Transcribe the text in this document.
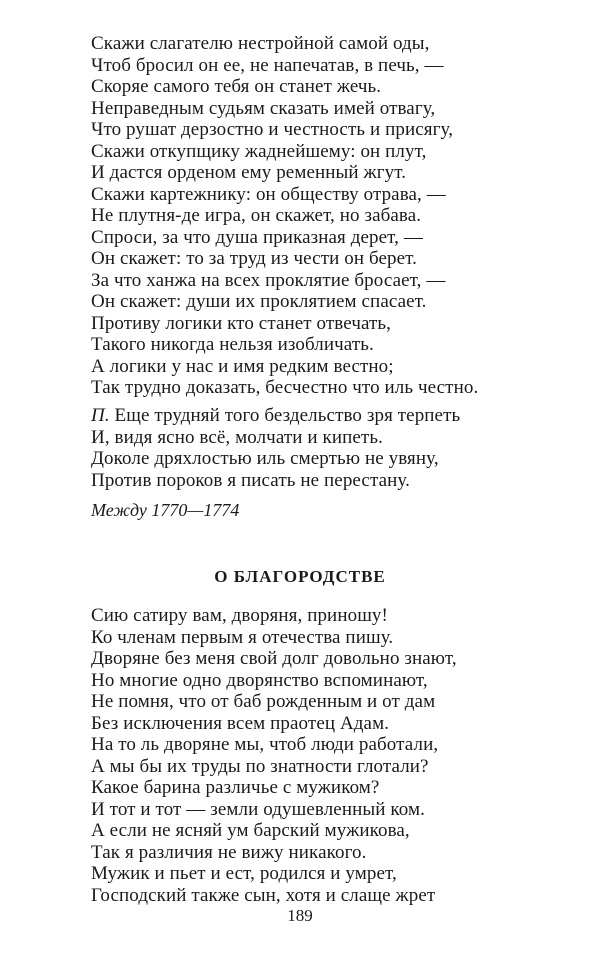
Скажи слагателю нестройной самой оды,
Чтоб бросил он ее, не напечатав, в печь, —
Скоряе самого тебя он станет жечь.
Неправедным судьям сказать имей отвагу,
Что рушат дерзостно и честность и присягу,
Скажи откупщику жаднейшему: он плут,
И дастся орденом ему ременный жгут.
Скажи картежнику: он обществу отрава, —
Не плутня-де игра, он скажет, но забава.
Спроси, за что душа приказная дерет, —
Он скажет: то за труд из чести он берет.
За что ханжа на всех проклятие бросает, —
Он скажет: души их проклятием спасает.
Противу логики кто станет отвечать,
Такого никогда нельзя изобличать.
А логики у нас и имя редким вестно;
Так трудно доказать, бесчестно что иль честно.
П. Еще трудняй того бездельство зря терпеть
И, видя ясно всё, молчати и кипеть.
Доколе дряхлостью иль смертью не увяну,
Против пороков я писать не перестану.
Между 1770—1774
О БЛАГОРОДСТВЕ
Сию сатиру вам, дворяня, приношу!
Ко членам первым я отечества пишу.
Дворяне без меня свой долг довольно знают,
Но многие одно дворянство вспоминают,
Не помня, что от баб рожденным и от дам
Без исключения всем праотец Адам.
На то ль дворяне мы, чтоб люди работали,
А мы бы их труды по знатности глотали?
Какое барина различье с мужиком?
И тот и тот — земли одушевленный ком.
А если не ясняй ум барский мужикова,
Так я различия не вижу никакого.
Мужик и пьет и ест, родился и умрет,
Господский также сын, хотя и слаще жрет
189
